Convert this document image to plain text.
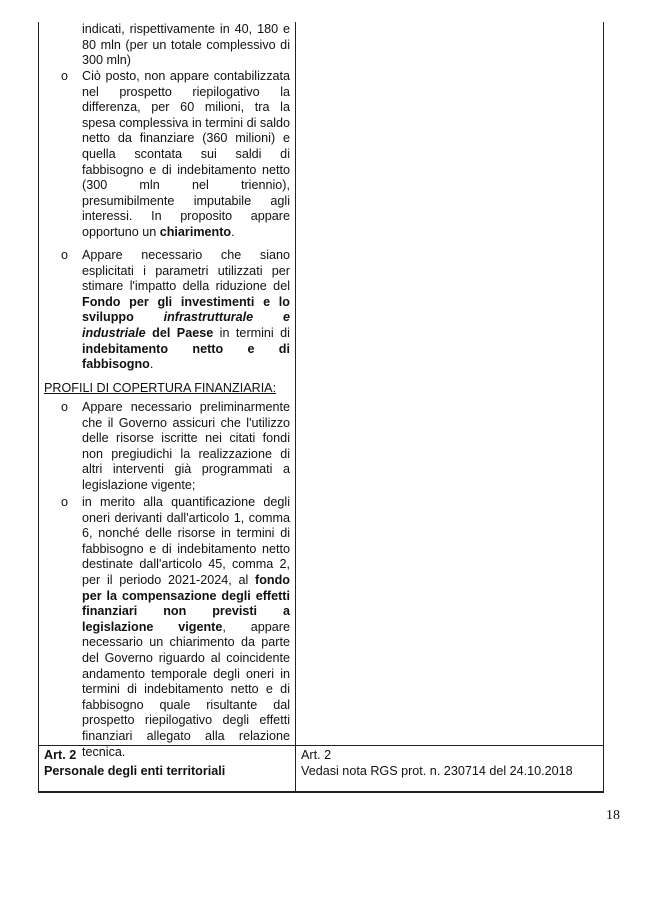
indicati, rispettivamente in 40, 180 e 80 mln (per un totale complessivo di 300 mln)
o Ciò posto, non appare contabilizzata nel prospetto riepilogativo la differenza, per 60 milioni, tra la spesa complessiva in termini di saldo netto da finanziare (360 milioni) e quella scontata sui saldi di fabbisogno e di indebitamento netto (300 mln nel triennio), presumibilmente imputabile agli interessi. In proposito appare opportuno un chiarimento.
o Appare necessario che siano esplicitati i parametri utilizzati per stimare l'impatto della riduzione del Fondo per gli investimenti e lo sviluppo infrastrutturale e industriale del Paese in termini di indebitamento netto e di fabbisogno.
PROFILI DI COPERTURA FINANZIARIA:
o Appare necessario preliminarmente che il Governo assicuri che l'utilizzo delle risorse iscritte nei citati fondi non pregiudichi la realizzazione di altri interventi già programmati a legislazione vigente;
o in merito alla quantificazione degli oneri derivanti dall'articolo 1, comma 6, nonché delle risorse in termini di fabbisogno e di indebitamento netto destinate dall'articolo 45, comma 2, per il periodo 2021-2024, al fondo per la compensazione degli effetti finanziari non previsti a legislazione vigente, appare necessario un chiarimento da parte del Governo riguardo al coincidente andamento temporale degli oneri in termini di indebitamento netto e di fabbisogno quale risultante dal prospetto riepilogativo degli effetti finanziari allegato alla relazione tecnica.
Art. 2
Personale degli enti territoriali
Art. 2
Vedasi nota RGS prot. n. 230714 del 24.10.2018
18
